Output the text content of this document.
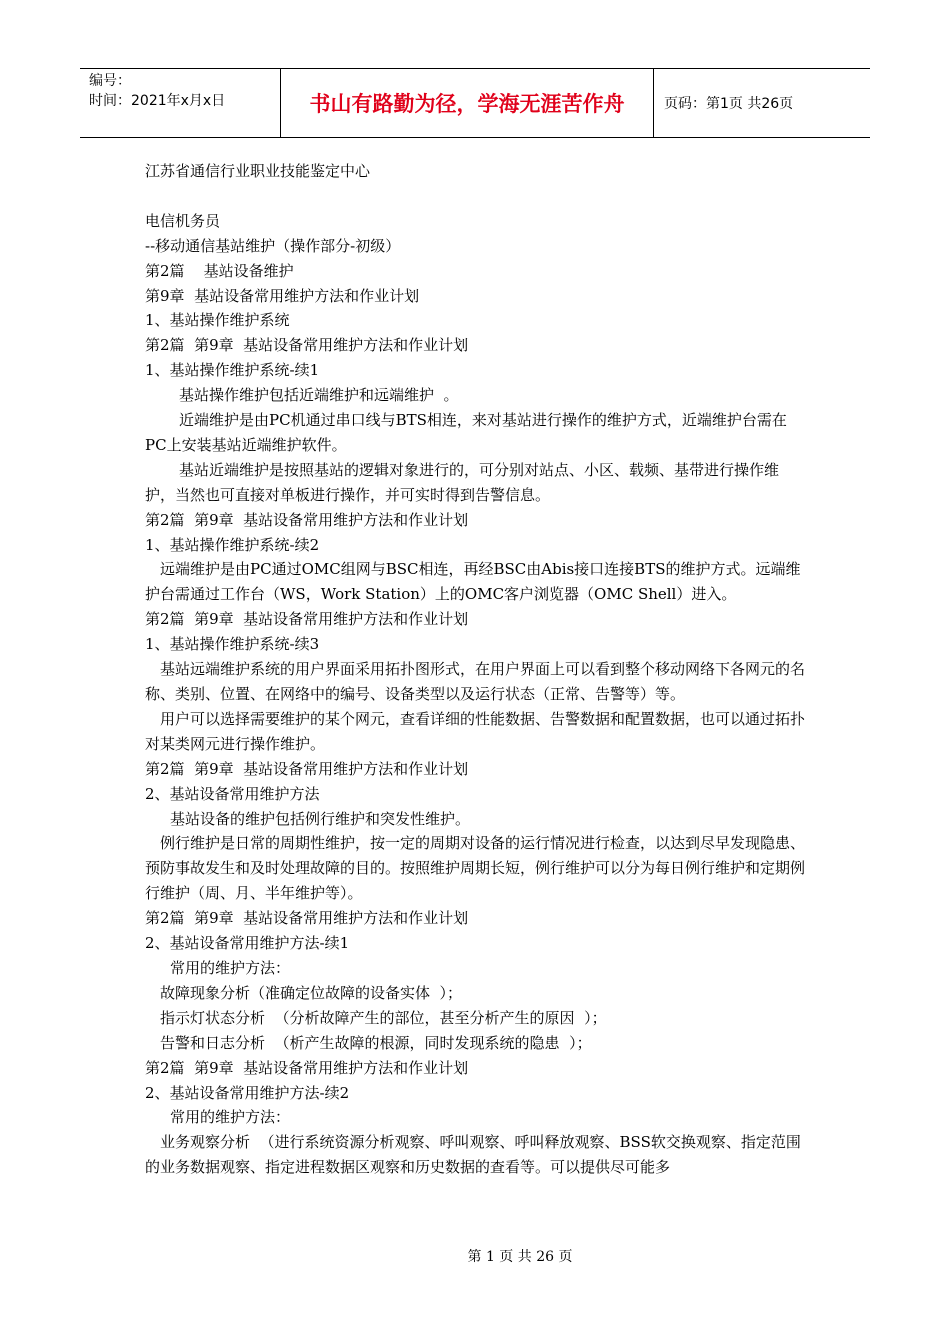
编号：
时间：2021年x月x日	书山有路勤为径，学海无涯苦作舟	页码：第1页 共26页

江苏省通信行业职业技能鉴定中心

电信机务员

--移动通信基站维护（操作部分-初级）

第2篇    基站设备维护

第9章  基站设备常用维护方法和作业计划

1、基站操作维护系统

第2篇  第9章  基站设备常用维护方法和作业计划

1、基站操作维护系统-续1

基站操作维护包括近端维护和远端维护  。

近端维护是由PC机通过串口线与BTS相连，来对基站进行操作的维护方式，近端维护台需在PC上安装基站近端维护软件。

基站近端维护是按照基站的逻辑对象进行的，可分别对站点、小区、载频、基带进行操作维护，当然也可直接对单板进行操作，并可实时得到告警信息。

第2篇  第9章  基站设备常用维护方法和作业计划

1、基站操作维护系统-续2

远端维护是由PC通过OMC组网与BSC相连，再经BSC由Abis接口连接BTS的维护方式。远端维护台需通过工作台（WS，Work Station）上的OMC客户浏览器（OMC Shell）进入。

第2篇  第9章  基站设备常用维护方法和作业计划

1、基站操作维护系统-续3

基站远端维护系统的用户界面采用拓扑图形式，在用户界面上可以看到整个移动网络下各网元的名称、类别、位置、在网络中的编号、设备类型以及运行状态（正常、告警等）等。

用户可以选择需要维护的某个网元，查看详细的性能数据、告警数据和配置数据，也可以通过拓扑对某类网元进行操作维护。

第2篇  第9章  基站设备常用维护方法和作业计划

2、基站设备常用维护方法

基站设备的维护包括例行维护和突发性维护。

例行维护是日常的周期性维护，按一定的周期对设备的运行情况进行检查，以达到尽早发现隐患、预防事故发生和及时处理故障的目的。按照维护周期长短，例行维护可以分为每日例行维护和定期例行维护（周、月、半年维护等）。

第2篇  第9章  基站设备常用维护方法和作业计划

2、基站设备常用维护方法-续1

常用的维护方法：

故障现象分析（准确定位故障的设备实体  ）；

指示灯状态分析  （分析故障产生的部位，甚至分析产生的原因  ）；

告警和日志分析  （析产生故障的根源，同时发现系统的隐患  ）；

第2篇  第9章  基站设备常用维护方法和作业计划

2、基站设备常用维护方法-续2

常用的维护方法：

业务观察分析  （进行系统资源分析观察、呼叫观察、呼叫释放观察、BSS软交换观察、指定范围的业务数据观察、指定进程数据区观察和历史数据的查看等。可以提供尽可能多

第 1 页 共 26 页
